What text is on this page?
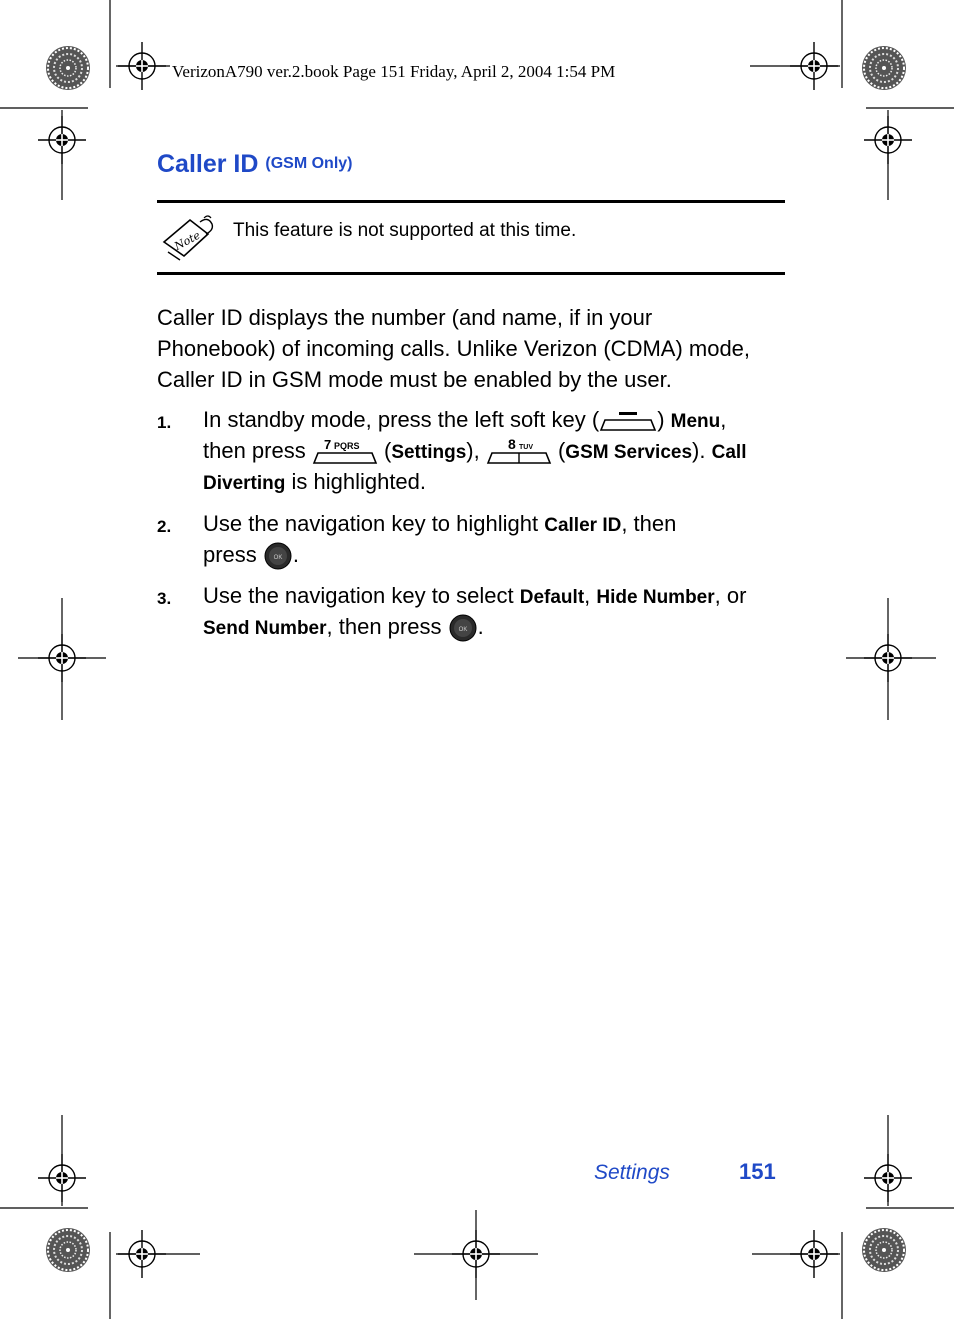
VerizonA790 ver.2.book Page 151 Friday, April 2, 2004 1:54 PM
Caller ID $^{(GSM Only)}$
Note This feature is not supported at this time.
Caller ID displays the number (and name, if in your
Phonebook) of incoming calls. Unlike Verizon (CDMA) mode,
Caller ID in GSM mode must be enabled by the user.
1. In standby mode, press the left soft key (	) Menu,
then press 7 PQRS (Settings), 8 TUV (GSM Services). Call
Diverting is highlighted.
2. Use the navigation key to highlight Caller ID, then
press	OK .
3. Use the navigation key to select Default, Hide Number, or
Send Number, then press	OK .
Settings	151
